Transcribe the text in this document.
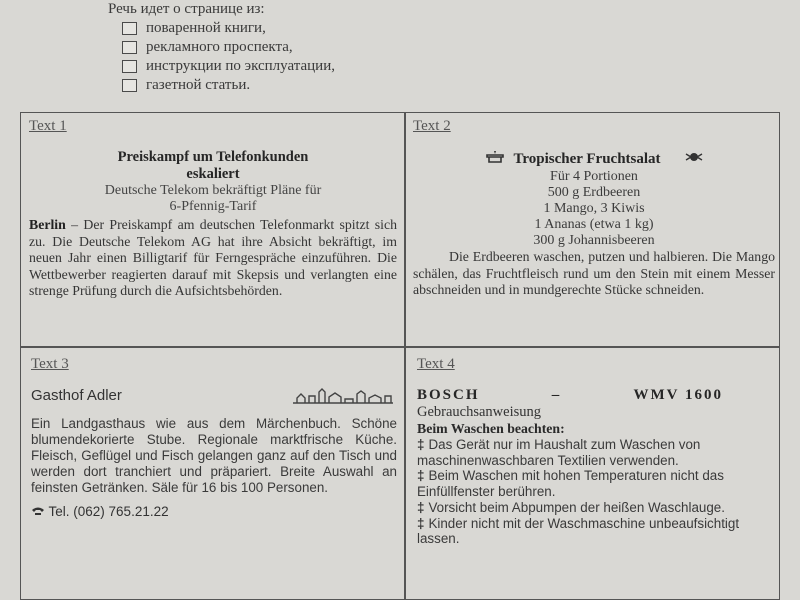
Речь идет о странице из:
поваренной книги,
рекламного проспекта,
инструкции по эксплуатации,
газетной статьи.
Text 1
Preiskampf um Telefonkunden
eskaliert
Deutsche Telekom bekräftigt Pläne für
6-Pfennig-Tarif
Berlin – Der Preiskampf am deutschen Telefonmarkt spitzt sich zu. Die Deutsche Telekom AG hat ihre Absicht bekräftigt, im neuen Jahr einen Billigtarif für Ferngespräche einzuführen. Die Wettbewerber reagierten darauf mit Skepsis und verlangten eine strenge Prüfung durch die Aufsichtsbehörden.
Text 2
Tropischer Fruchtsalat
Für 4 Portionen
500 g Erdbeeren
1 Mango, 3 Kiwis
1 Ananas (etwa 1 kg)
300 g Johannisbeeren
Die Erdbeeren waschen, putzen und halbieren. Die Mango schälen, das Fruchtfleisch rund um den Stein mit einem Messer abschneiden und in mundgerechte Stücke schneiden.
Text 3
Gasthof Adler
Ein Landgasthaus wie aus dem Märchenbuch. Schöne blumendekorierte Stube. Regionale marktfrische Küche. Fleisch, Geflügel und Fisch gelangen ganz auf den Tisch und werden dort tranchiert und präpariert. Breite Auswahl an feinsten Getränken. Säle für 16 bis 100 Personen.
Tel. (062) 765.21.22
Text 4
BOSCH	–	WMV 1600
Gebrauchsanweisung
Beim Waschen beachten:
‡ Das Gerät nur im Haushalt zum Waschen von maschinenwaschbaren Textilien verwenden.
‡ Beim Waschen mit hohen Temperaturen nicht das Einfüllfenster berühren.
‡ Vorsicht beim Abpumpen der heißen Waschlauge.
‡ Kinder nicht mit der Waschmaschine unbeaufsichtigt lassen.
